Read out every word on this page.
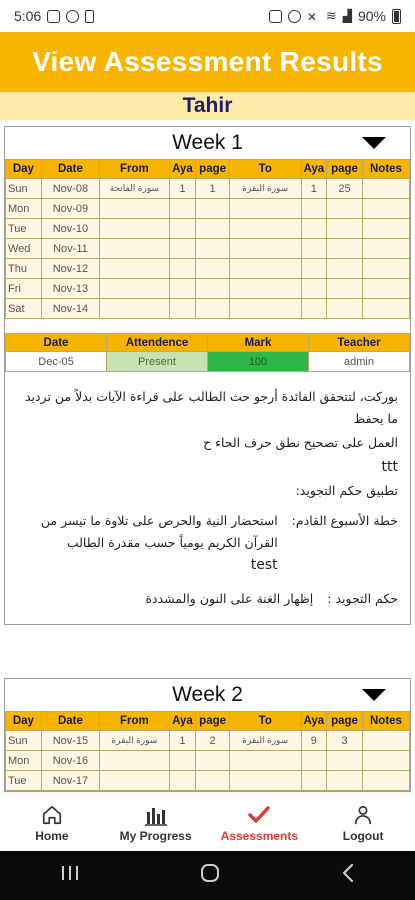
5:06	✕ ≋ ▟ 90%
View Assessment Results
Tahir
Week 1
Day	Date	From	Aya	page	To	Aya	page	Notes
Sun	Nov-08	سورة الفاتحة	1	1	سورة البقرة	1	25	
Mon	Nov-09							
Tue	Nov-10							
Wed	Nov-11							
Thu	Nov-12							
Fri	Nov-13							
Sat	Nov-14							
Date	Attendence	Mark	Teacher
Dec-05	Present	100	admin

بوركت، لتتحقق الفائدة أرجو حث الطالب على قراءة الآيات بدلاً من ترديد ما يحفظ

العمل على تصحيح نطق حرف الحاء ح

ttt

تطبيق حكم التجويد:

خطة الأسبوع القادم:
استحضار النية والحرص على تلاوة ما تيسر من القرآن الكريم يومياً حسب مقدرة الطالب
test
حكم التجويد :
إظهار الغنة على النون والمشددة
Week 2
Day	Date	From	Aya	page	To	Aya	page	Notes
Sun	Nov-15	سورة البقرة	1	2	سورة البقرة	9	3	
Mon	Nov-16							
Tue	Nov-17							
Home	My Progress Assessments	Logout
